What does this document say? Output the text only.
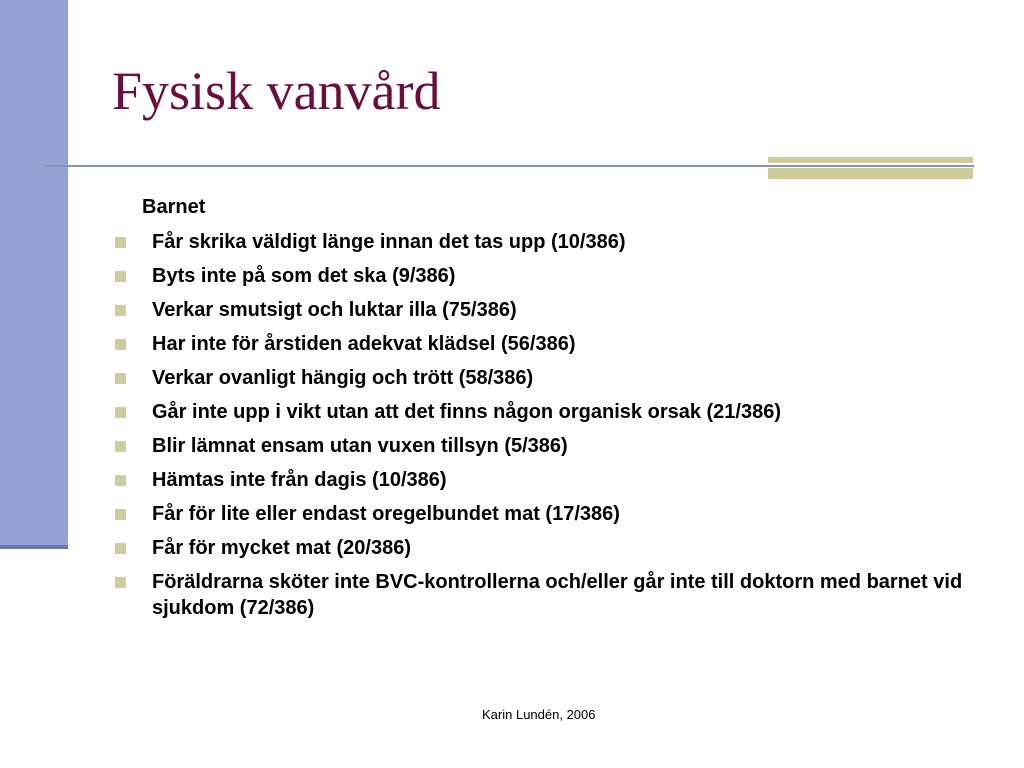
Fysisk vanvård
Barnet
Får skrika väldigt länge innan det tas upp (10/386)
Byts inte på som det ska (9/386)
Verkar smutsigt och luktar illa (75/386)
Har inte för årstiden adekvat klädsel (56/386)
Verkar ovanligt hängig och trött (58/386)
Går inte upp i vikt utan att det finns någon organisk orsak (21/386)
Blir lämnat ensam utan vuxen tillsyn (5/386)
Hämtas inte från dagis (10/386)
Får för lite eller endast oregelbundet mat (17/386)
Får för mycket mat (20/386)
Föräldrarna sköter inte BVC-kontrollerna och/eller går inte till doktorn med barnet vid sjukdom (72/386)
Karin Lundén, 2006
